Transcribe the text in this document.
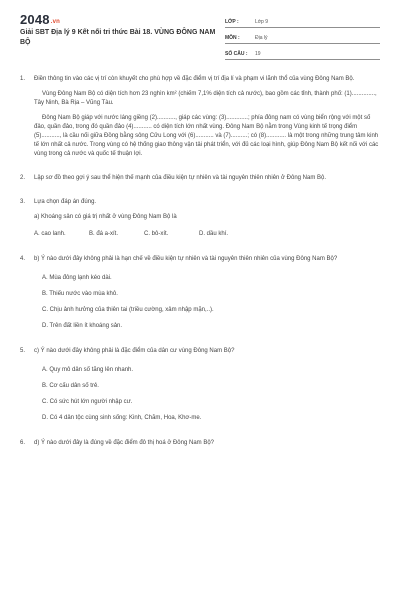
2048.vn
Giải SBT Địa lý 9 Kết nối tri thức Bài 18. VÙNG ĐÔNG NAM BỘ
LỚP :	Lớp 9
MÔN :	Địa lý
SỐ CÂU :	19
1. Điền thông tin vào các vị trí còn khuyết cho phù hợp về đặc điểm vị trí địa lí và phạm vi lãnh thổ của vùng Đông Nam Bộ.

Vùng Đông Nam Bộ có diện tích hơn 23 nghìn km² (chiếm 7,1% diện tích cả nước), bao gồm các tỉnh, thành phố: (1).............., Tây Ninh, Bà Rịa – Vũng Tàu.

Đông Nam Bộ giáp với nước láng giềng (2)..........., giáp các vùng: (3).............; phía đông nam có vùng biển rộng với một số đảo, quần đảo, trong đó quần đảo (4)........... có diện tích lớn nhất vùng. Đông Nam Bộ nằm trong Vùng kinh tế trọng điểm (5)..........., là cầu nối giữa Đồng bằng sông Cửu Long với (6)........... và (7)..........; có (8)............ là một trong những trung tâm kinh tế lớn nhất cả nước. Trong vùng có hệ thống giao thông vận tải phát triển, với đủ các loại hình, giúp Đông Nam Bộ kết nối với các vùng trong cả nước và quốc tế thuận lợi.

2. Lập sơ đồ theo gợi ý sau thể hiện thế mạnh của điều kiện tự nhiên và tài nguyên thiên nhiên ở Đông Nam Bộ.

3. Lựa chọn đáp án đúng.

a) Khoáng sản có giá trị nhất ở vùng Đông Nam Bộ là

A. cao lanh.	B. đá a-xít.	C. bô-xít.	D. dầu khí.
4. b) Ý nào dưới đây không phải là hạn chế về điều kiện tự nhiên và tài nguyên thiên nhiên của vùng Đông Nam Bộ?

A. Mùa đông lạnh kéo dài.
B. Thiếu nước vào mùa khô.
C. Chịu ảnh hưởng của thiên tai (triều cường, xâm nhập mặn,..).
D. Trên đất liền ít khoáng sản.
5. c) Ý nào dưới đây không phải là đặc điểm của dân cư vùng Đông Nam Bộ?

A. Quy mô dân số tăng lên nhanh.
B. Cơ cấu dân số trẻ.
C. Có sức hút lớn người nhập cư.
D. Có 4 dân tộc cùng sinh sống: Kinh, Chăm, Hoa, Khơ-me.
6. d) Ý nào dưới đây là đúng về đặc điểm đô thị hoá ở Đông Nam Bộ?
